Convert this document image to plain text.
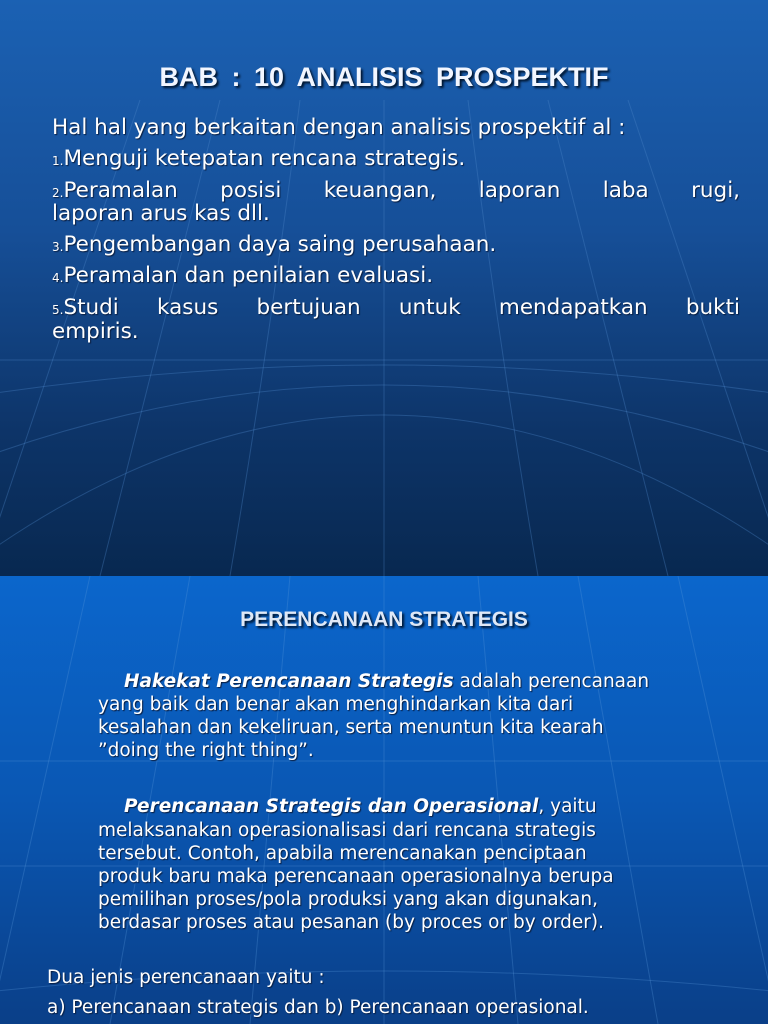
BAB : 10 ANALISIS PROSPEKTIF
Hal hal yang berkaitan dengan analisis prospektif al :
1.Menguji ketepatan rencana strategis.
2.Peramalan posisi keuangan, laporan laba rugi,
laporan arus kas dll.
3.Pengembangan daya saing perusahaan.
4.Peramalan dan penilaian evaluasi.
5.Studi kasus bertujuan untuk mendapatkan bukti
empiris.
PERENCANAAN STRATEGIS
Hakekat Perencanaan Strategis adalah perencanaan
yang baik dan benar akan menghindarkan kita dari
kesalahan dan kekeliruan, serta menuntun kita kearah
”doing the right thing”.
Perencanaan Strategis dan Operasional, yaitu
melaksanakan operasionalisasi dari rencana strategis
tersebut. Contoh, apabila merencanakan penciptaan
produk baru maka perencanaan operasionalnya berupa
pemilihan proses/pola produksi yang akan digunakan,
berdasar proses atau pesanan (by proces or by order).
Dua jenis perencanaan yaitu :
a) Perencanaan strategis dan b) Perencanaan operasional.
